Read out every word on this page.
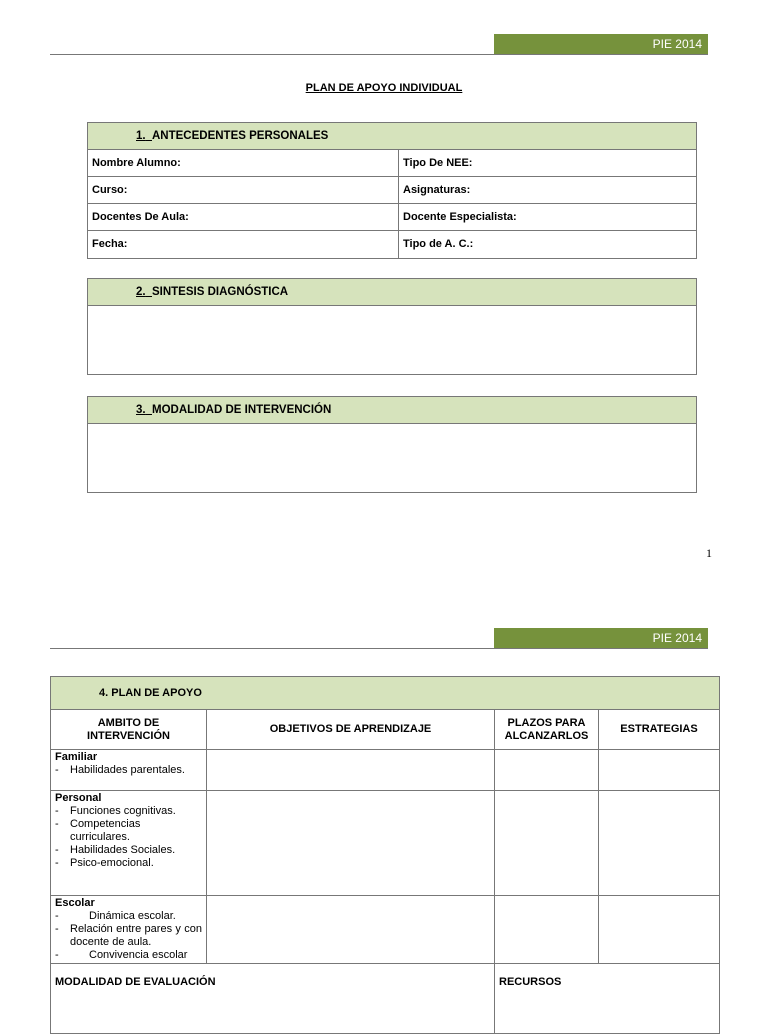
PIE 2014
PLAN DE APOYO INDIVIDUAL
1. ANTECEDENTES PERSONALES
Nombre Alumno:	Tipo De NEE:
Curso:	Asignaturas:
Docentes De Aula:	Docente Especialista:
Fecha:	Tipo de A. C.:
2. SINTESIS DIAGNÓSTICA
3. MODALIDAD DE INTERVENCIÓN
1
PIE 2014
4. PLAN DE APOYO			
AMBITO DE INTERVENCIÓN	OBJETIVOS DE APRENDIZAJE	PLAZOS PARA ALCANZARLOS	ESTRATEGIAS

Familiar
- Habilidades parentales.

Personal
- Funciones cognitivas.
- Competencias curriculares.
- Habilidades Sociales.
- Psico-emocional.

Escolar
- Dinámica escolar.
- Relación entre pares y con docente de aula.
- Convivencia escolar

MODALIDAD DE EVALUACIÓN		RECURSOS	
